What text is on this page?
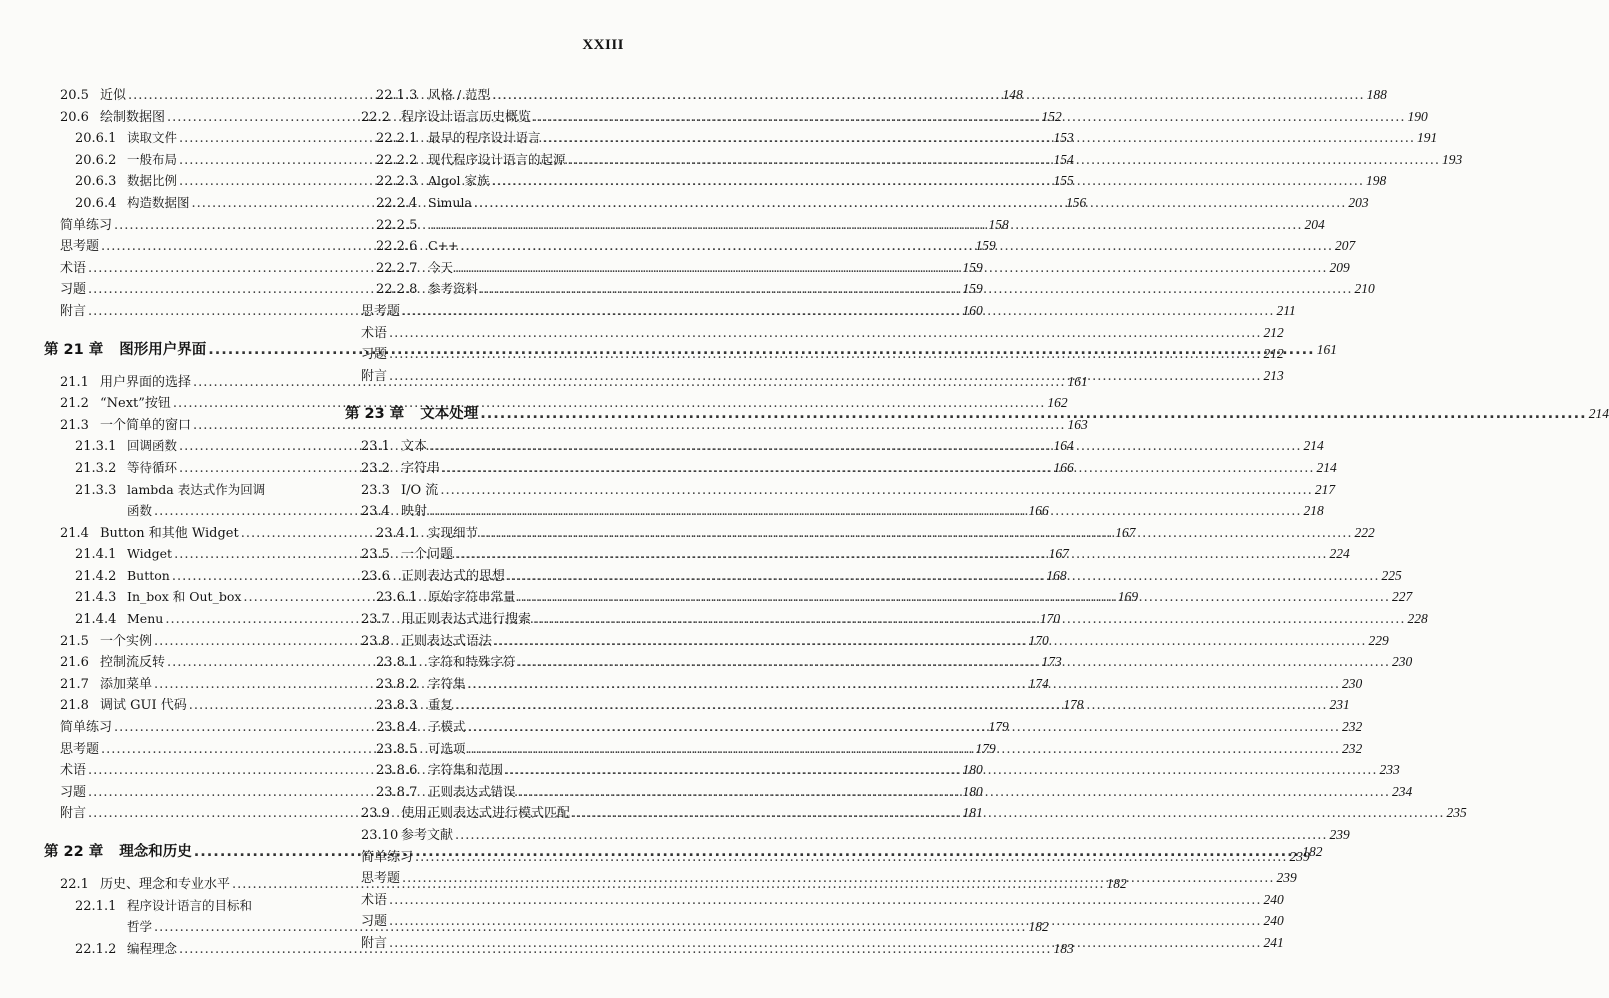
XXIII
20.5 近似 .....	148
20.6 绘制数据图 .....	152
20.6.1 读取文件 .....	153
20.6.2 一般布局 .....	154
20.6.3 数据比例 .....	155
20.6.4 构造数据图 .....	156
简单练习 .....	158
思考题 .....	159
术语 .....	159
习题 .....	159
附言 .....	160
第 21 章 图形用户界面 .....	161
21.1 用户界面的选择 .....	161
21.2 “Next”按钮 .....	162
21.3 一个简单的窗口 .....	163
21.3.1 回调函数 .....	164
21.3.2 等待循环 .....	166
21.3.3 lambda 表达式作为回调
函数 .....	166
21.4 Button 和其他 Widget .....	167
21.4.1 Widget .....	167
21.4.2 Button .....	168
21.4.3 In_box 和 Out_box .....	169
21.4.4 Menu .....	170
21.5 一个实例 .....	170
21.6 控制流反转 .....	173
21.7 添加菜单 .....	174
21.8 调试 GUI 代码 .....	178
简单练习 .....	179
思考题 .....	179
术语 .....	180
习题 .....	180
附言 .....	181
第 22 章 理念和历史 .....	182
22.1 历史、理念和专业水平 .....	182
22.1.1 程序设计语言的目标和
哲学 .....	182
22.1.2 编程理念 .....	183
22.1.3 风格 / 范型 .....	188
22.2 程序设计语言历史概览 .....	190
22.2.1 最早的程序设计语言 .....	191
22.2.2 现代程序设计语言的起源 .....	193
22.2.3 Algol 家族 .....	198
22.2.4 Simula .....	203
22.2.5 .....	204
22.2.6 C++ .....	207
22.2.7 今天 .....	209
22.2.8 参考资料 .....	210
思考题 .....	211
术语 .....	212
习题 .....	212
附言 .....	213
第 23 章 文本处理 .....	214
23.1 文本 .....	214
23.2 字符串 .....	214
23.3 I/O 流 .....	217
23.4 映射 .....	218
23.4.1 实现细节 .....	222
23.5 一个问题 .....	224
23.6 正则表达式的思想 .....	225
23.6.1 原始字符串常量 .....	227
23.7 用正则表达式进行搜索 .....	228
23.8 正则表达式语法 .....	229
23.8.1 字符和特殊字符 .....	230
23.8.2 字符集 .....	230
23.8.3 重复 .....	231
23.8.4 子模式 .....	232
23.8.5 可选项 .....	232
23.8.6 字符集和范围 .....	233
23.8.7 正则表达式错误 .....	234
23.9 使用正则表达式进行模式匹配 .....	235
23.10 参考文献 .....	239
简单练习 .....	239
思考题 .....	239
术语 .....	240
习题 .....	240
附言 .....	241
